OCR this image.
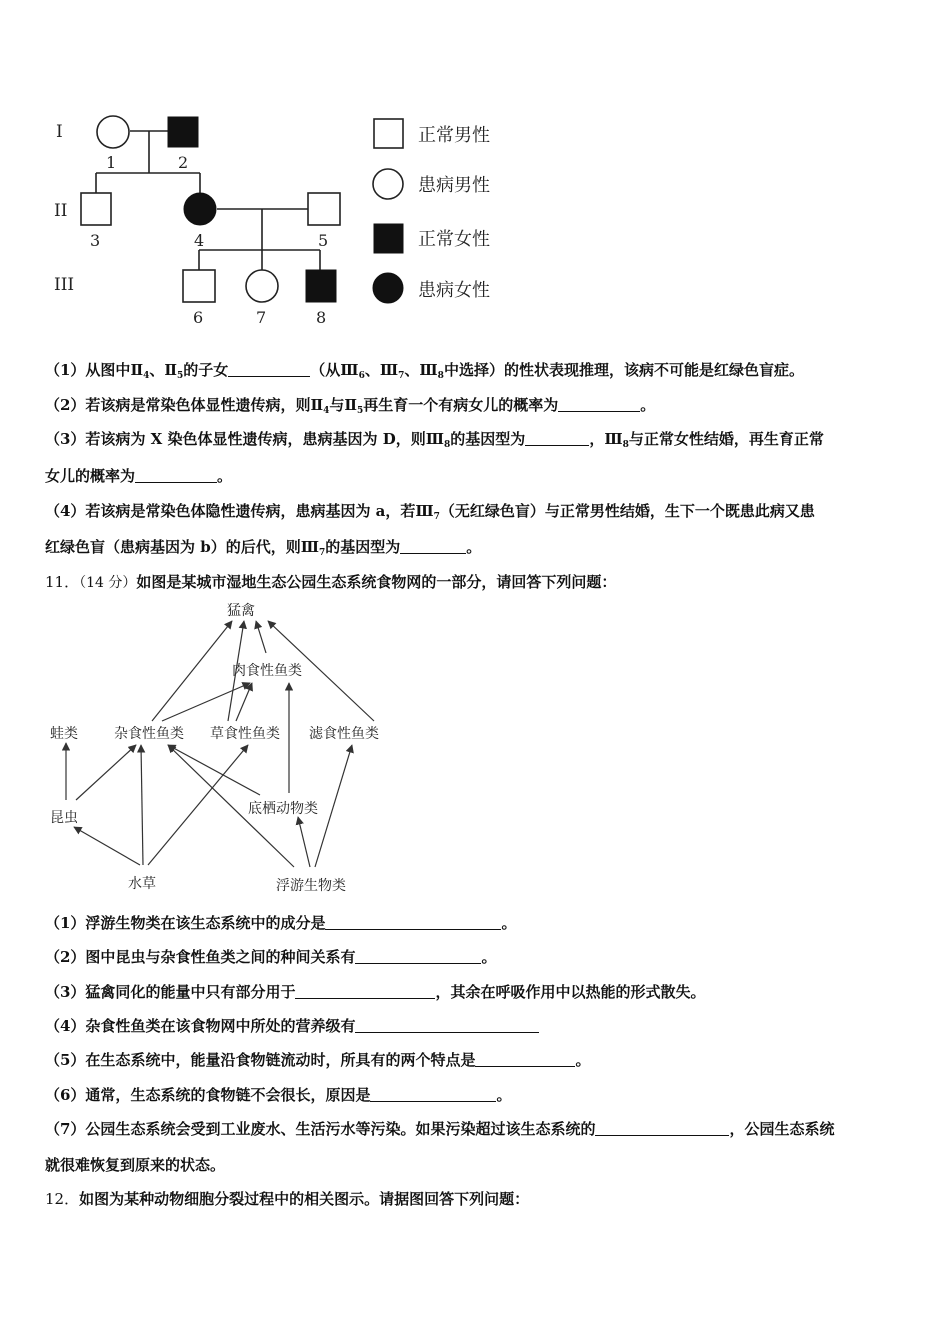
I
II
III
1	2
3	4	5
6	7	8
正常男性
患病男性
正常女性
患病女性
（1）从图中$Ⅱ_4$、$Ⅱ_5$的子女	（从$Ⅲ_6$、$Ⅲ_7$、$Ⅲ_8$中选择）的性状表现推理，该病不可能是红绿色盲症。
（2）若该病是常染色体显性遗传病，则$Ⅱ_4$与$Ⅱ_5$再生育一个有病女儿的概率为	。
（3）若该病为 X 染色体显性遗传病，患病基因为 D，则$Ⅲ_8$的基因型为	，$Ⅲ_8$与正常女性结婚，再生育正常
女儿的概率为	。
（4）若该病是常染色体隐性遗传病，患病基因为 a，若$Ⅲ_7$（无红绿色盲）与正常男性结婚，生下一个既患此病又患
红绿色盲（患病基因为 b）的后代，则$Ⅲ_7$的基因型为	。
11．（14 分）如图是某城市湿地生态公园生态系统食物网的一部分，请回答下列问题：
猛禽
肉食性鱼类
蛙类	杂食性鱼类 草食性鱼类 滤食性鱼类
昆虫
底栖动物类
水草	浮游生物类
（1）浮游生物类在该生态系统中的成分是	。
（2）图中昆虫与杂食性鱼类之间的种间关系有	。
（3）猛禽同化的能量中只有部分用于	，其余在呼吸作用中以热能的形式散失。
（4）杂食性鱼类在该食物网中所处的营养级有
（5）在生态系统中，能量沿食物链流动时，所具有的两个特点是	。
（6）通常，生态系统的食物链不会很长，原因是	。
（7）公园生态系统会受到工业废水、生活污水等污染。如果污染超过该生态系统的	，公园生态系统
就很难恢复到原来的状态。
12．如图为某种动物细胞分裂过程中的相关图示。请据图回答下列问题：
